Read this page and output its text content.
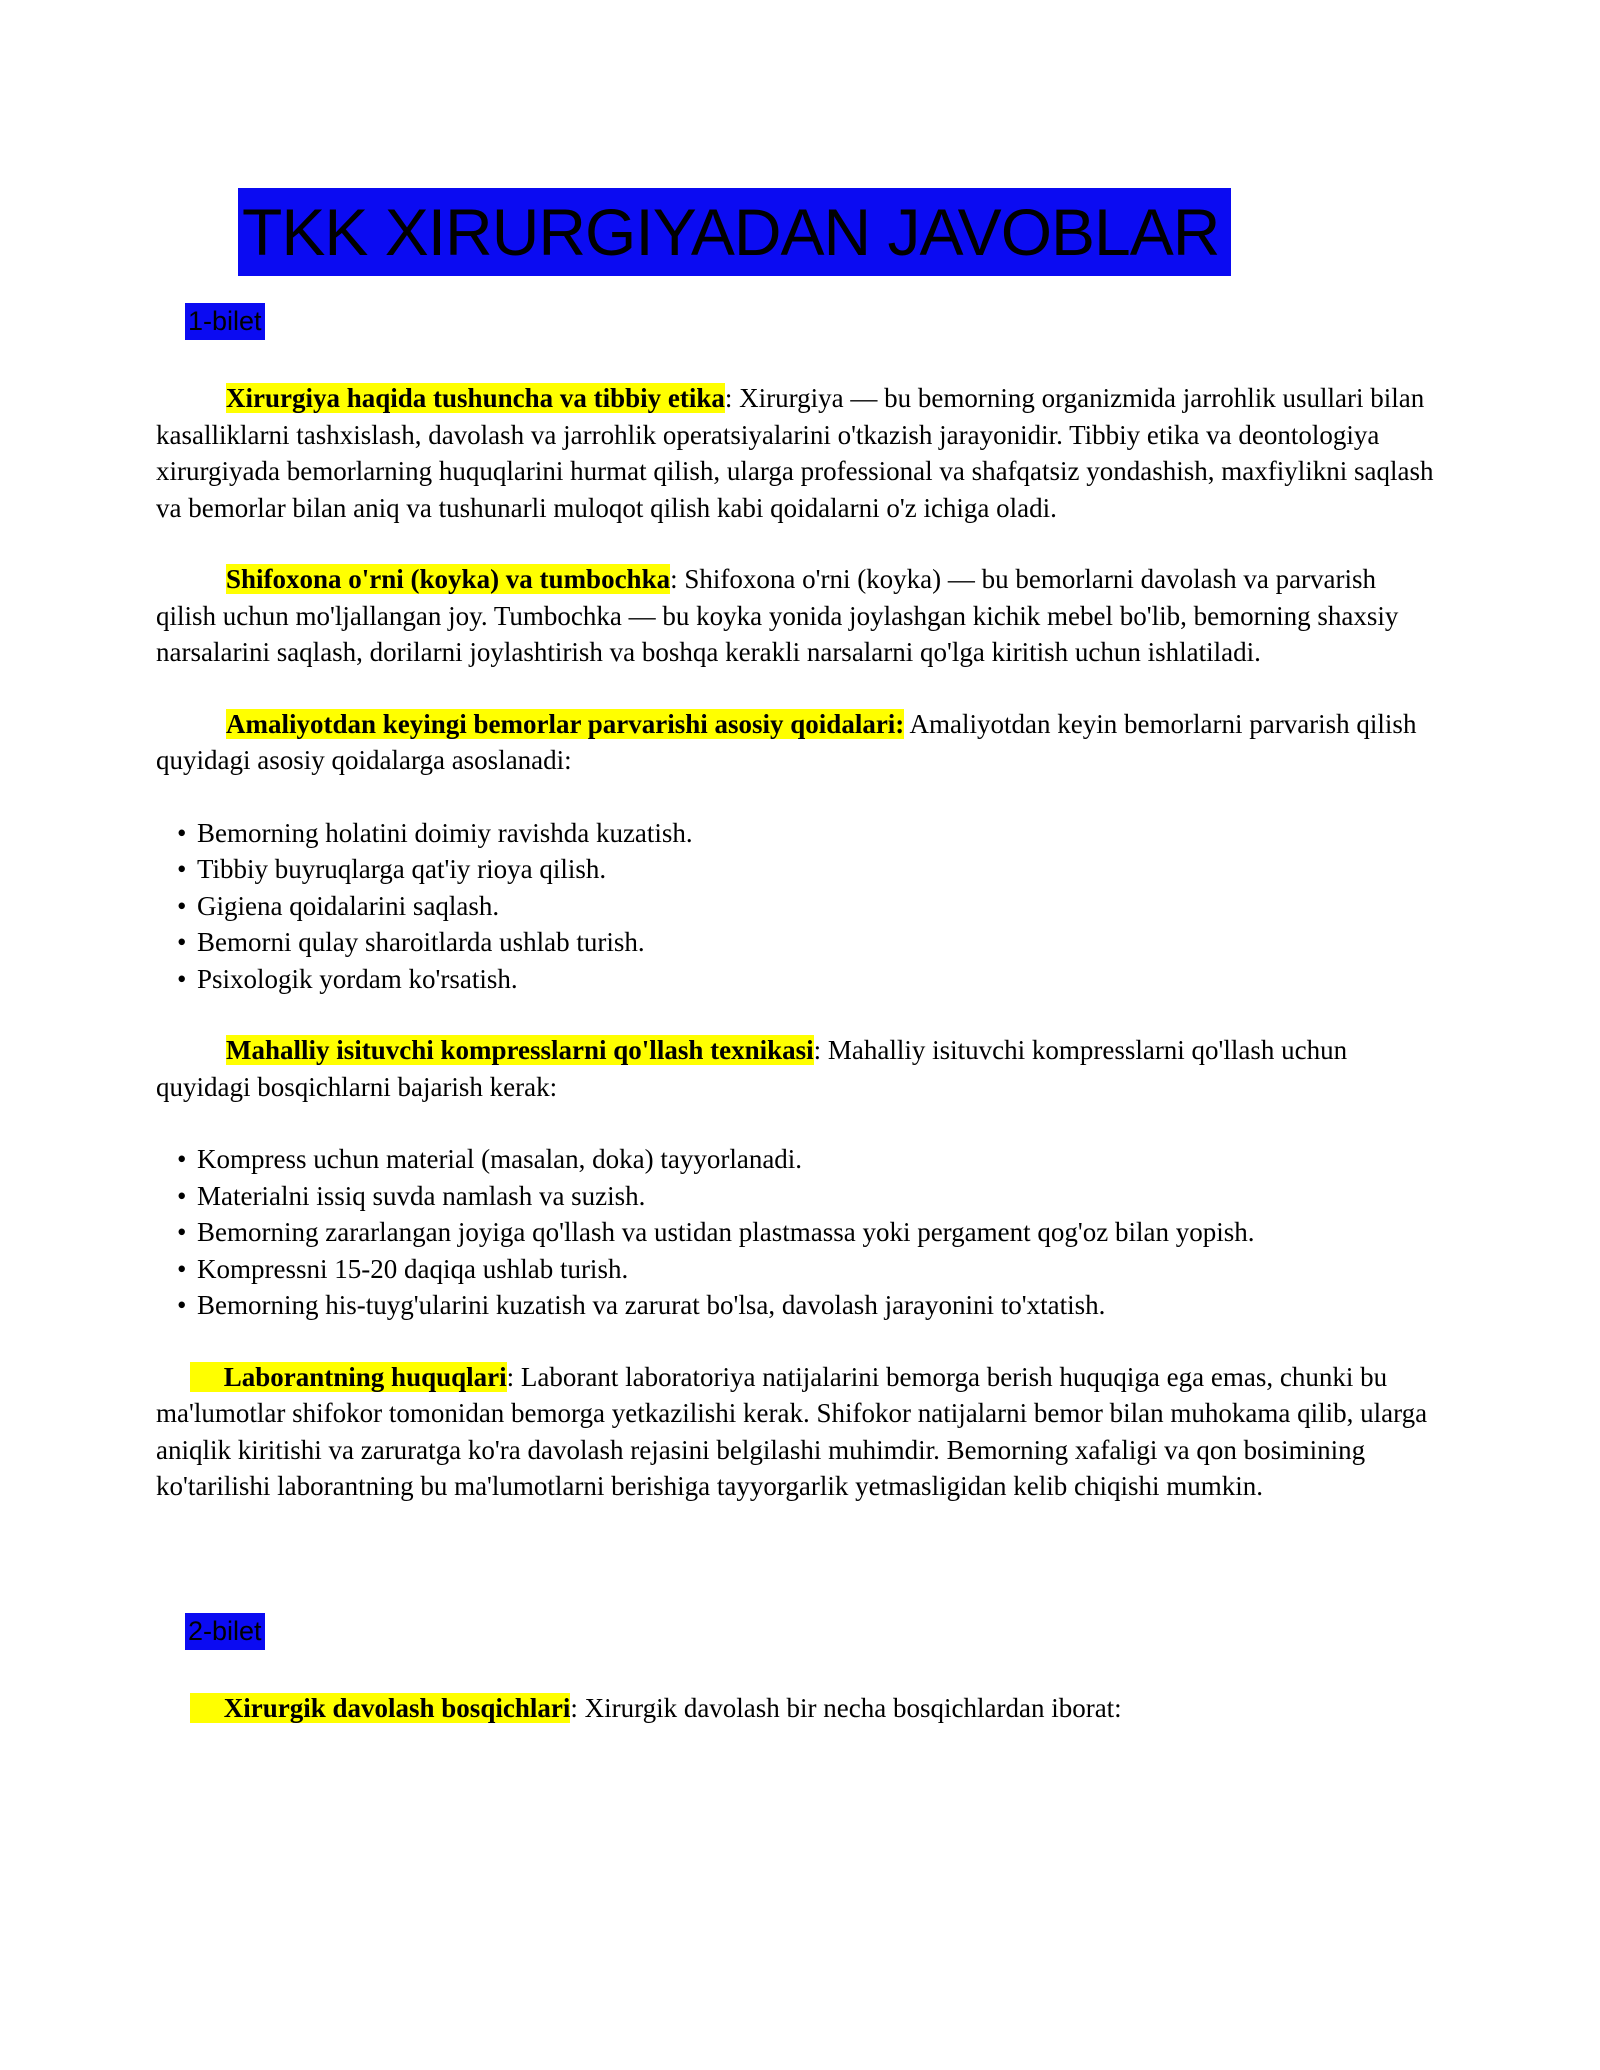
TKK XIRURGIYADAN JAVOBLAR
1-bilet

Xirurgiya haqida tushuncha va tibbiy etika: Xirurgiya — bu bemorning organizmida jarrohlik usullari bilan kasalliklarni tashxislash, davolash va jarrohlik operatsiyalarini o'tkazish jarayonidir. Tibbiy etika va deontologiya xirurgiyada bemorlarning huquqlarini hurmat qilish, ularga professional va shafqatsiz yondashish, maxfiylikni saqlash va bemorlar bilan aniq va tushunarli muloqot qilish kabi qoidalarni o'z ichiga oladi.

Shifoxona o'rni (koyka) va tumbochka: Shifoxona o'rni (koyka) — bu bemorlarni davolash va parvarish qilish uchun mo'ljallangan joy. Tumbochka — bu koyka yonida joylashgan kichik mebel bo'lib, bemorning shaxsiy narsalarini saqlash, dorilarni joylashtirish va boshqa kerakli narsalarni qo'lga kiritish uchun ishlatiladi.

Amaliyotdan keyingi bemorlar parvarishi asosiy qoidalari: Amaliyotdan keyin bemorlarni parvarish qilish quyidagi asosiy qoidalarga asoslanadi:

• Bemorning holatini doimiy ravishda kuzatish.
• Tibbiy buyruqlarga qat'iy rioya qilish.
• Gigiena qoidalarini saqlash.
• Bemorni qulay sharoitlarda ushlab turish.
• Psixologik yordam ko'rsatish.

Mahalliy isituvchi kompresslarni qo'llash texnikasi: Mahalliy isituvchi kompresslarni qo'llash uchun quyidagi bosqichlarni bajarish kerak:

• Kompress uchun material (masalan, doka) tayyorlanadi.
• Materialni issiq suvda namlash va suzish.
• Bemorning zararlangan joyiga qo'llash va ustidan plastmassa yoki pergament qog'oz bilan yopish.
• Kompressni 15-20 daqiqa ushlab turish.
• Bemorning his-tuyg'ularini kuzatish va zarurat bo'lsa, davolash jarayonini to'xtatish.

Laborantning huquqlari: Laborant laboratoriya natijalarini bemorga berish huquqiga ega emas, chunki bu ma'lumotlar shifokor tomonidan bemorga yetkazilishi kerak. Shifokor natijalarni bemor bilan muhokama qilib, ularga aniqlik kiritishi va zaruratga ko'ra davolash rejasini belgilashi muhimdir. Bemorning xafaligi va qon bosimining ko'tarilishi laborantning bu ma'lumotlarni berishiga tayyorgarlik yetmasligidan kelib chiqishi mumkin.

2-bilet

Xirurgik davolash bosqichlari: Xirurgik davolash bir necha bosqichlardan iborat:
